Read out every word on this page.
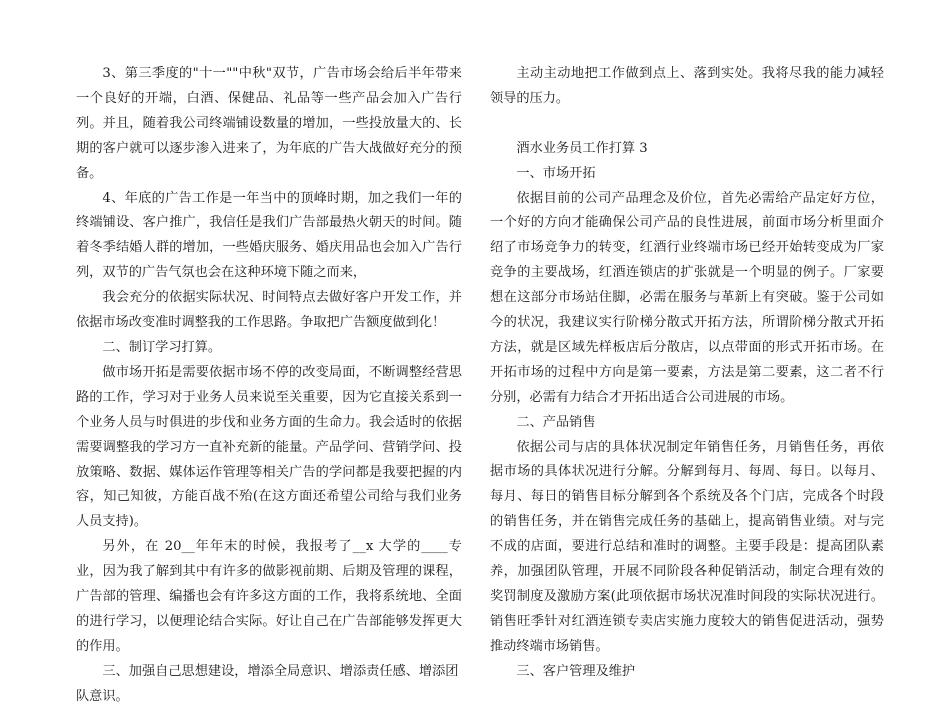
3、第三季度的"十一""中秋"双节，广告市场会给后半年带来一个良好的开端，白酒、保健品、礼品等一些产品会加入广告行列。并且，随着我公司终端铺设数量的增加，一些投放量大的、长期的客户就可以逐步渗入进来了，为年底的广告大战做好充分的预备。

4、年底的广告工作是一年当中的顶峰时期，加之我们一年的终端铺设、客户推广，我信任是我们广告部最热火朝天的时间。随着冬季结婚人群的增加，一些婚庆服务、婚庆用品也会加入广告行列，双节的广告气氛也会在这种环境下随之而来，

我会充分的依据实际状况、时间特点去做好客户开发工作，并依据市场改变准时调整我的工作思路。争取把广告额度做到化！

二、制订学习打算。

做市场开拓是需要依据市场不停的改变局面，不断调整经营思路的工作，学习对于业务人员来说至关重要，因为它直接关系到一个业务人员与时俱进的步伐和业务方面的生命力。我会适时的依据需要调整我的学习方一直补充新的能量。产品学问、营销学问、投放策略、数据、媒体运作管理等相关广告的学问都是我要把握的内容，知己知彼，方能百战不殆(在这方面还希望公司给与我们业务人员支持)。

另外，在 20__年年末的时候，我报考了__x 大学的____专业，因为我了解到其中有许多的做影视前期、后期及管理的课程，广告部的管理、编播也会有许多这方面的工作，我将系统地、全面的进行学习，以便理论结合实际。好让自己在广告部能够发挥更大的作用。

三、加强自己思想建设，增添全局意识、增添责任感、增添团队意识。

主动主动地把工作做到点上、落到实处。我将尽我的能力减轻领导的压力。

酒水业务员工作打算 3

一、市场开拓

依据目前的公司产品理念及价位，首先必需给产品定好方位，一个好的方向才能确保公司产品的良性进展，前面市场分析里面介绍了市场竞争力的转变，红酒行业终端市场已经开始转变成为厂家竞争的主要战场，红酒连锁店的扩张就是一个明显的例子。厂家要想在这部分市场站住脚，必需在服务与革新上有突破。鉴于公司如今的状况，我建议实行阶梯分散式开拓方法，所谓阶梯分散式开拓方法，就是区域先样板店后分散店，以点带面的形式开拓市场。在开拓市场的过程中方向是第一要素，方法是第二要素，这二者不行分别，必需有力结合才开拓出适合公司进展的市场。

二、产品销售

依据公司与店的具体状况制定年销售任务，月销售任务，再依据市场的具体状况进行分解。分解到每月、每周、每日。以每月、每月、每日的销售目标分解到各个系统及各个门店，完成各个时段的销售任务，并在销售完成任务的基础上，提高销售业绩。对与完不成的店面，要进行总结和准时的调整。主要手段是：提高团队素养，加强团队管理，开展不同阶段各种促销活动，制定合理有效的奖罚制度及激励方案(此项依据市场状况准时间段的实际状况进行。销售旺季针对红酒连锁专卖店实施力度较大的销售促进活动，强势推动终端市场销售。

三、客户管理及维护
